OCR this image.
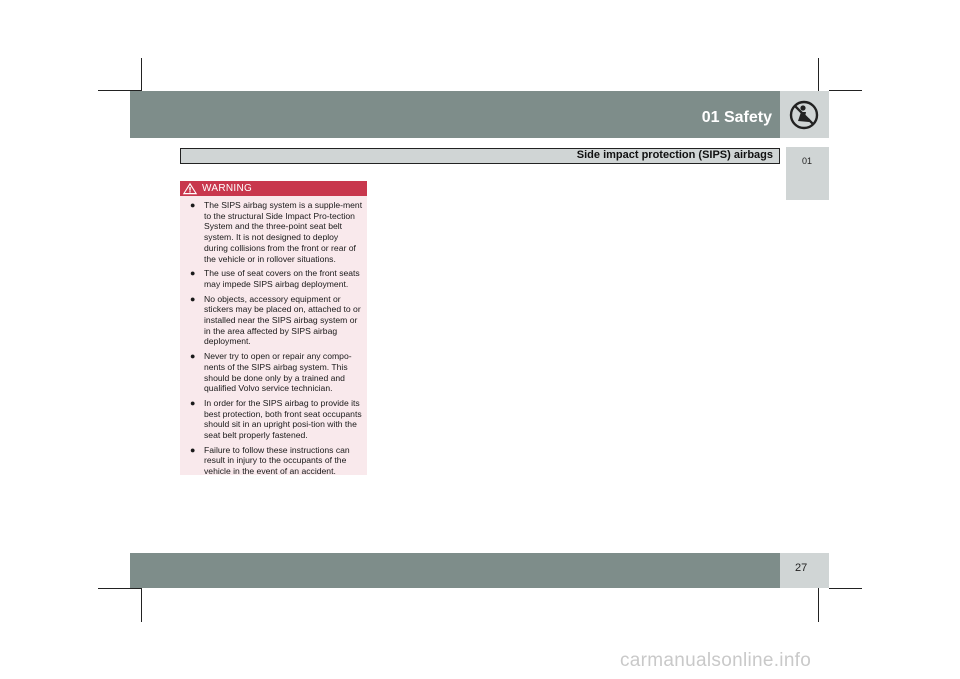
01 Safety
01
Side impact protection (SIPS) airbags
WARNING
● The SIPS airbag system is a supple-ment to the structural Side Impact Pro-tection System and the three-point seat belt system. It is not designed to deploy during collisions from the front or rear of the vehicle or in rollover situations.
● The use of seat covers on the front seats may impede SIPS airbag deployment.
● No objects, accessory equipment or stickers may be placed on, attached to or installed near the SIPS airbag system or in the area affected by SIPS airbag deployment.
● Never try to open or repair any compo-nents of the SIPS airbag system. This should be done only by a trained and qualified Volvo service technician.
● In order for the SIPS airbag to provide its best protection, both front seat occupants should sit in an upright posi-tion with the seat belt properly fastened.
● Failure to follow these instructions can result in injury to the occupants of the vehicle in the event of an accident.
27
carmanualsonline.info
